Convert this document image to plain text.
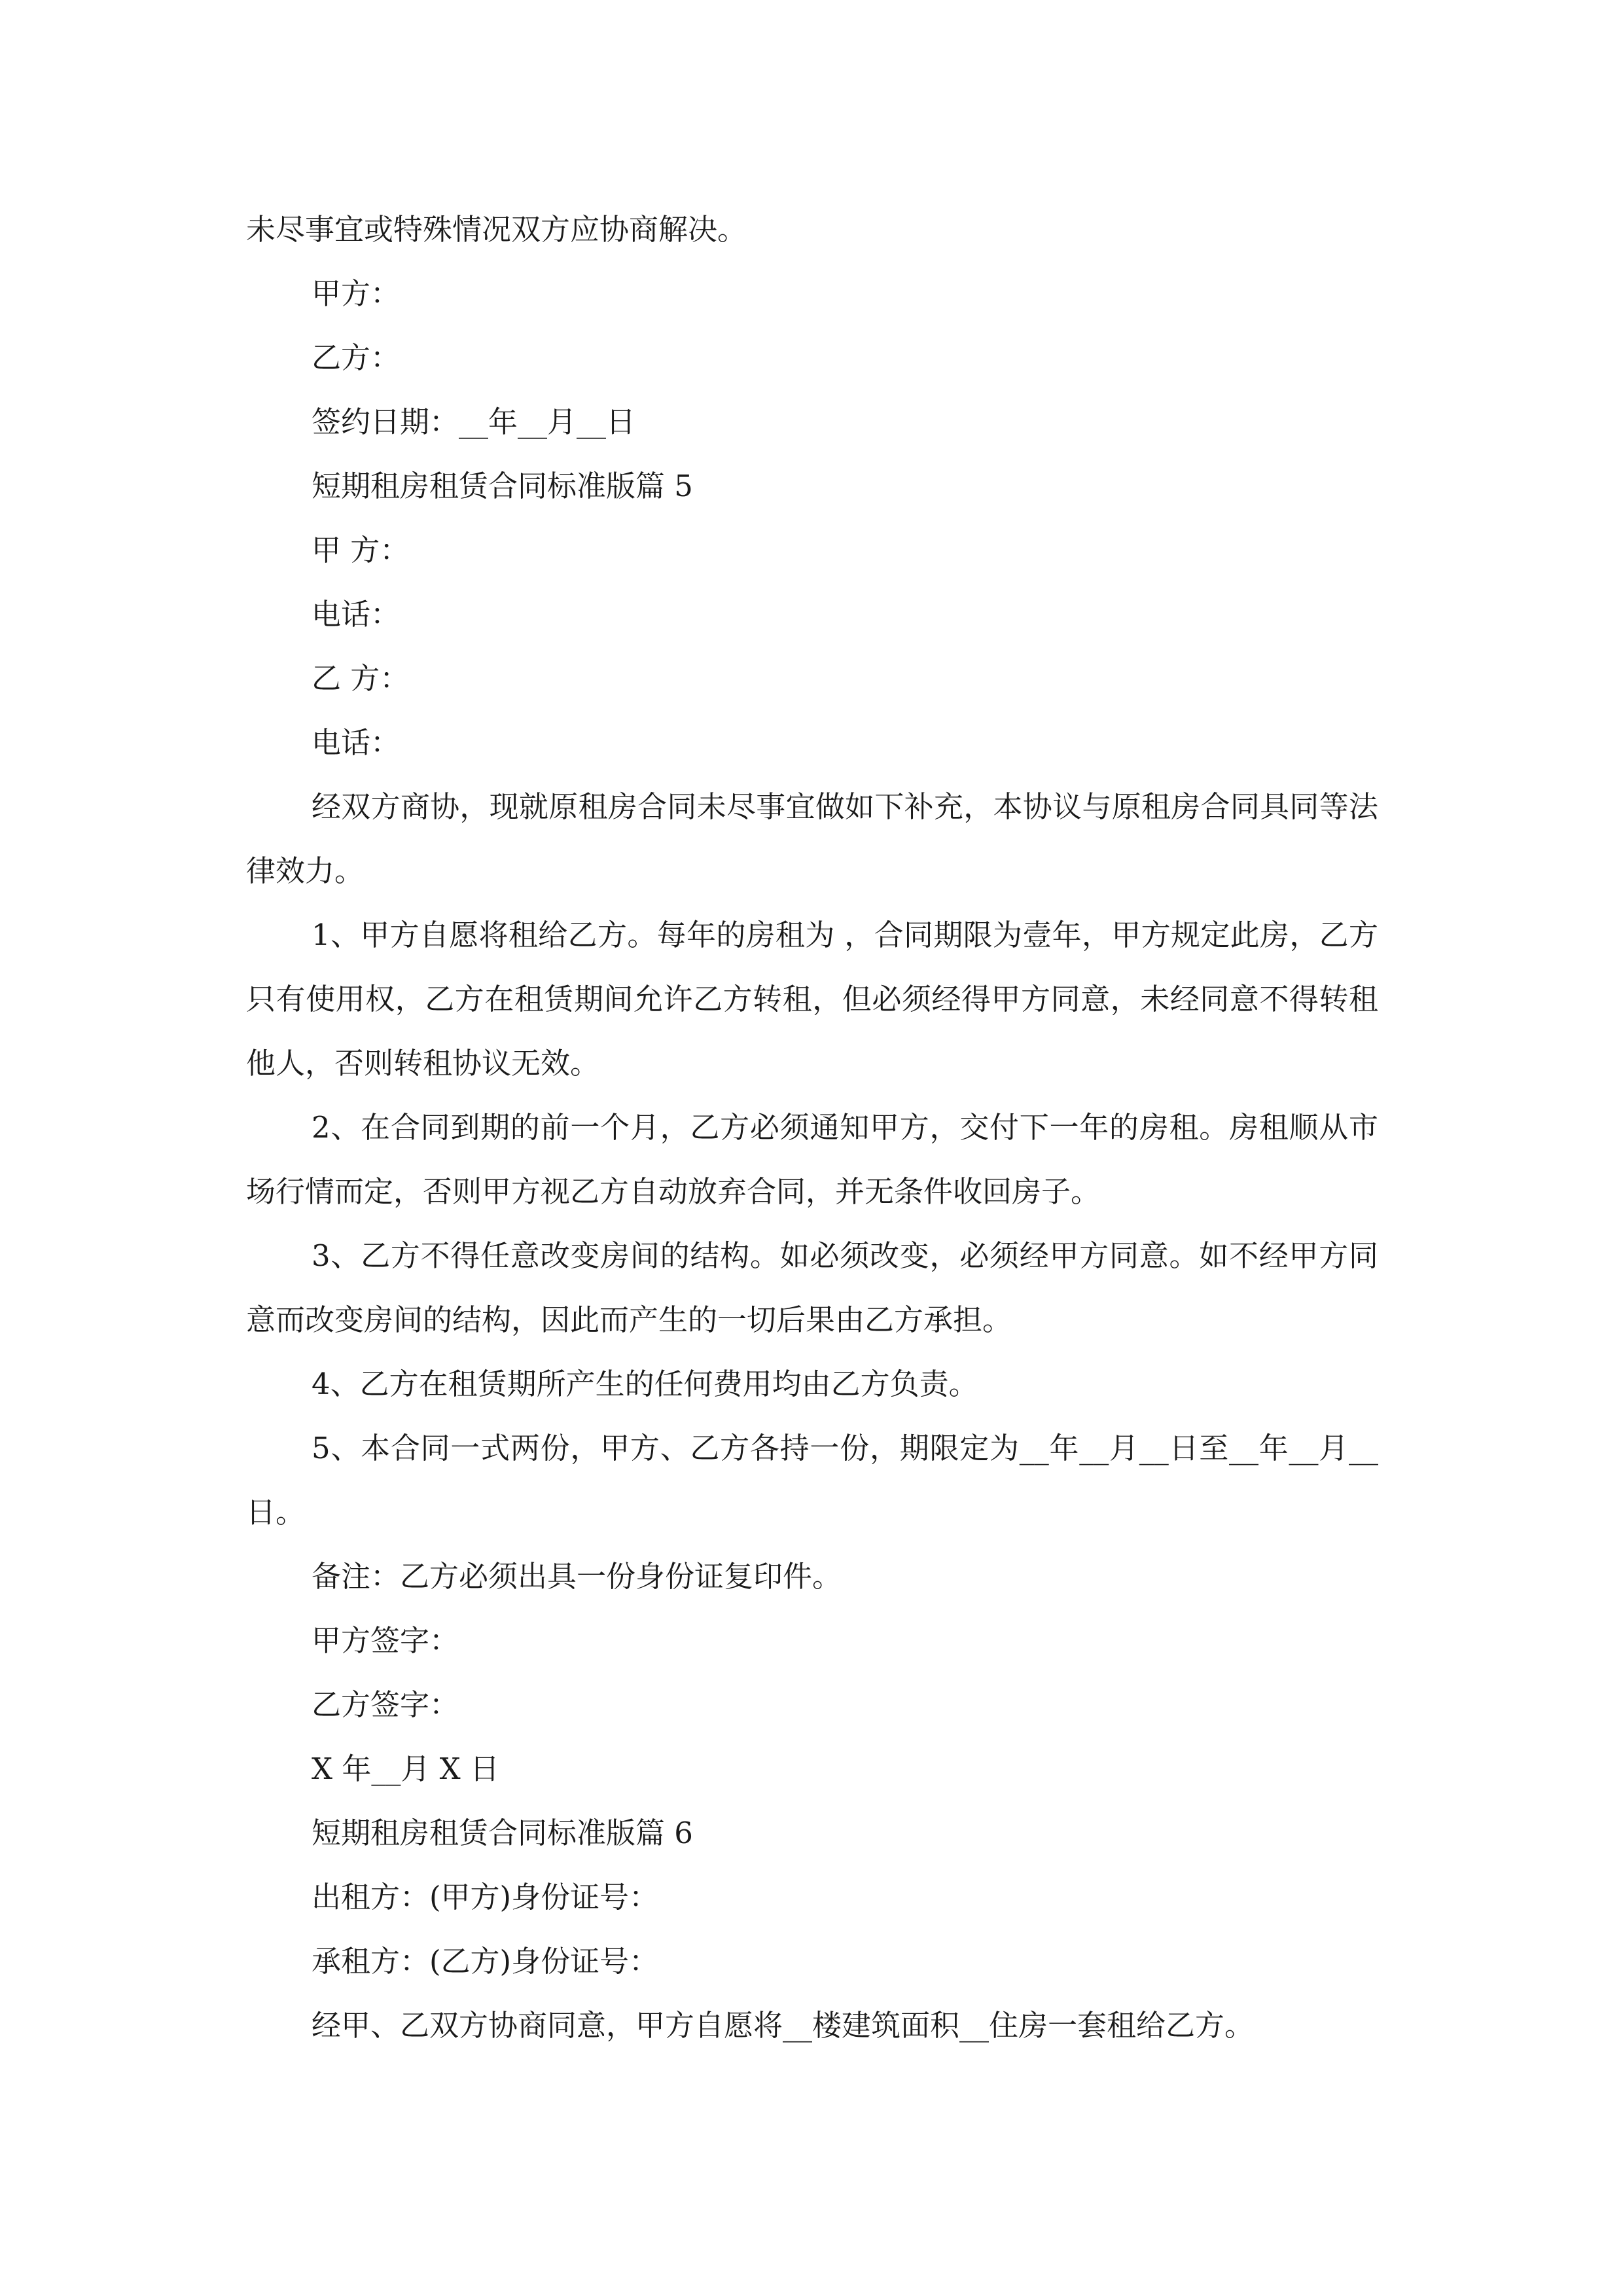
未尽事宜或特殊情况双方应协商解决。

甲方：

乙方：

签约日期：__年__月__日

短期租房租赁合同标准版篇 5

甲 方：

电话：

乙 方：

电话：

经双方商协，现就原租房合同未尽事宜做如下补充，本协议与原租房合同具同等法律效力。

1、甲方自愿将租给乙方。每年的房租为 ，合同期限为壹年，甲方规定此房，乙方只有使用权，乙方在租赁期间允许乙方转租，但必须经得甲方同意，未经同意不得转租他人，否则转租协议无效。

2、在合同到期的前一个月，乙方必须通知甲方，交付下一年的房租。房租顺从市场行情而定，否则甲方视乙方自动放弃合同，并无条件收回房子。

3、乙方不得任意改变房间的结构。如必须改变，必须经甲方同意。如不经甲方同意而改变房间的结构，因此而产生的一切后果由乙方承担。

4、乙方在租赁期所产生的任何费用均由乙方负责。

5、本合同一式两份，甲方、乙方各持一份，期限定为__年__月__日至__年__月__日。

备注：乙方必须出具一份身份证复印件。

甲方签字：

乙方签字：

X 年__月 X 日

短期租房租赁合同标准版篇 6

出租方：(甲方)身份证号：

承租方：(乙方)身份证号：

经甲、乙双方协商同意，甲方自愿将__楼建筑面积__住房一套租给乙方。
